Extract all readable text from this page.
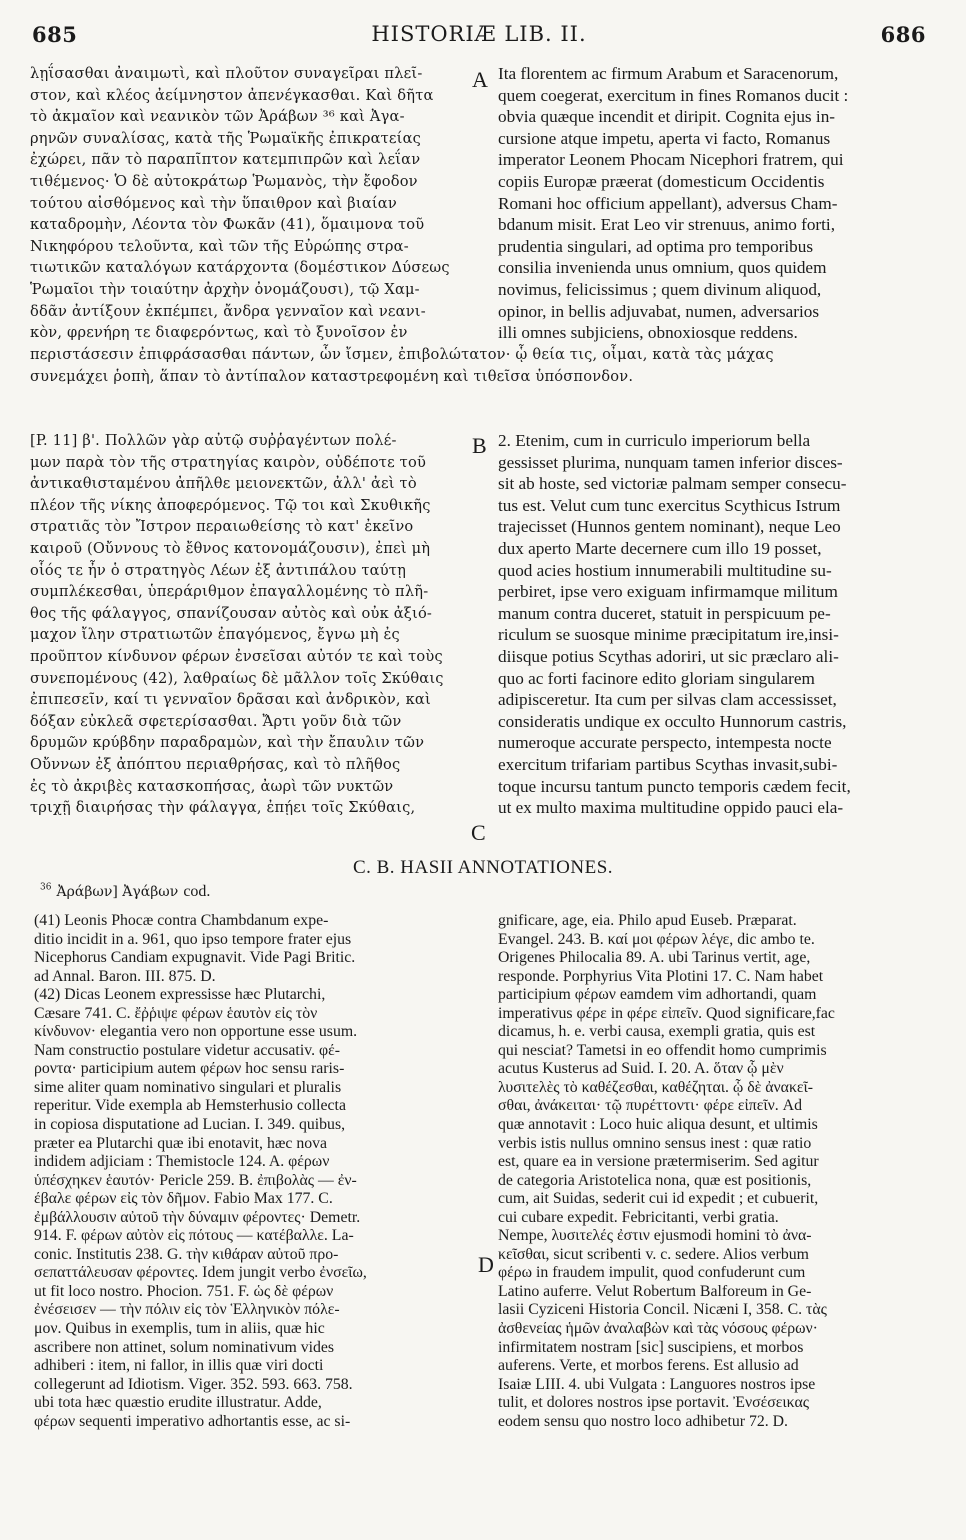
685	HISTORIÆ LIB. II.	686
A
B
C
D
λῃΐσασθαι ἀναιμωτὶ, καὶ πλοῦτον συναγεῖραι πλεῖ-
στον, καὶ κλέος ἀείμνηστον ἀπενέγκασθαι. Καὶ δῆτα
τὸ ἀκμαῖον καὶ νεανικὸν τῶν Ἀράβων ³⁶ καὶ Ἀγα-
ρηνῶν συναλίσας, κατὰ τῆς Ῥωμαϊκῆς ἐπικρατείας
ἐχώρει, πᾶν τὸ παραπῖπτον κατεμπιπρῶν καὶ λεΐαν
τιθέμενος· Ὁ δὲ αὐτοκράτωρ Ῥωμανὸς, τὴν ἔφοδον
τούτου αἰσθόμενος καὶ τὴν ὕπαιθρον καὶ βιαίαν
καταδρομὴν, Λέοντα τὸν Φωκᾶν (41), ὅμαιμονα τοῦ
Νικηφόρου τελοῦντα, καὶ τῶν τῆς Εὐρώπης στρα-
τιωτικῶν καταλόγων κατάρχοντα (δομέστικον Δύσεως
Ῥωμαῖοι τὴν τοιαύτην ἀρχὴν ὀνομάζουσι), τῷ Χαμ-
δδᾶν ἀντίξουν ἐκπέμπει, ἄνδρα γενναῖον καὶ νεανι-
κὸν, φρενήρη τε διαφερόντως, καὶ τὸ ξυνοῖσον ἐν
Ita florentem ac firmum Arabum et Saracenorum,
quem coegerat, exercitum in fines Romanos ducit :
obvia quæque incendit et diripit. Cognita ejus in-
cursione atque impetu, aperta vi facto, Romanus
imperator Leonem Phocam Nicephori fratrem, qui
copiis Europæ præerat (domesticum Occidentis
Romani hoc officium appellant), adversus Cham-
bdanum misit. Erat Leo vir strenuus, animo forti,
prudentia singulari, ad optima pro temporibus
consilia invenienda unus omnium, quos quidem
novimus, felicissimus ; quem divinum aliquod,
opinor, in bellis adjuvabat, numen, adversarios
illi omnes subjiciens, obnoxiosque reddens.
περιστάσεσιν ἐπιφράσασθαι πάντων, ὧν ἴσμεν, ἐπιβολώτατον· ᾧ θεία τις, οἶμαι, κατὰ τὰς μάχας
συνεμάχει ῥοπὴ, ἅπαν τὸ ἀντίπαλον καταστρεφομένη καὶ τιθεῖσα ὑπόσπονδον.
[P. 11] β'. Πολλῶν γὰρ αὐτῷ συῤῥαγέντων πολέ-
μων παρὰ τὸν τῆς στρατηγίας καιρὸν, οὐδέποτε τοῦ
ἀντικαθισταμένου ἀπῆλθε μειονεκτῶν, ἀλλ' ἀεὶ τὸ
πλέον τῆς νίκης ἀποφερόμενος. Τῷ τοι καὶ Σκυθικῆς
στρατιᾶς τὸν Ἴστρον περαιωθείσης τὸ κατ' ἐκεῖνο
καιροῦ (Οὔννους τὸ ἔθνος κατονομάζουσιν), ἐπεὶ μὴ
οἷός τε ἦν ὁ στρατηγὸς Λέων ἐξ ἀντιπάλου ταύτῃ
συμπλέκεσθαι, ὑπεράριθμον ἐπαγαλλομένης τὸ πλῆ-
θος τῆς φάλαγγος, σπανίζουσαν αὐτὸς καὶ οὐκ ἀξιό-
μαχον ἴλην στρατιωτῶν ἐπαγόμενος, ἔγνω μὴ ἐς
προῦπτον κίνδυνον φέρων ἐνσεῖσαι αὐτόν τε καὶ τοὺς
συνεπομένους (42), λαθραίως δὲ μᾶλλον τοῖς Σκύθαις
ἐπιπεσεῖν, καί τι γενναῖον δρᾶσαι καὶ ἀνδρικὸν, καὶ
δόξαν εὐκλεᾶ σφετερίσασθαι. Ἄρτι γοῦν διὰ τῶν
δρυμῶν κρύβδην παραδραμὼν, καὶ τὴν ἔπαυλιν τῶν
Οὔννων ἐξ ἀπόπτου περιαθρήσας, καὶ τὸ πλῆθος
ἐς τὸ ἀκριβὲς κατασκοπήσας, ἀωρὶ τῶν νυκτῶν
τριχῇ διαιρήσας τὴν φάλαγγα, ἐπῄει τοῖς Σκύθαις,
2. Etenim, cum in curriculo imperiorum bella
gessisset plurima, nunquam tamen inferior disces-
sit ab hoste, sed victoriæ palmam semper consecu-
tus est. Velut cum tunc exercitus Scythicus Istrum
trajecisset (Hunnos gentem nominant), neque Leo
dux aperto Marte decernere cum illo 19 posset,
quod acies hostium innumerabili multitudine su-
perbiret, ipse vero exiguam infirmamque militum
manum contra duceret, statuit in perspicuum pe-
riculum se suosque minime præcipitatum ire,insi-
diisque potius Scythas adoriri, ut sic præclaro ali-
quo ac forti facinore edito gloriam singularem
adipisceretur. Ita cum per silvas clam accessisset,
consideratis undique ex occulto Hunnorum castris,
numeroque accurate perspecto, intempesta nocte
exercitum trifariam partibus Scythas invasit,subi-
toque incursu tantum puncto temporis cædem fecit,
ut ex multo maxima multitudine oppido pauci ela-
C. B. HASII ANNOTATIONES.
$^{36}$ Ἀράβων] Ἀγάβων cod.
(41) Leonis Phocæ contra Chambdanum expe-
ditio incidit in a. 961, quo ipso tempore frater ejus
Nicephorus Candiam expugnavit. Vide Pagi Britic.
ad Annal. Baron. III. 875. D.
(42) Dicas Leonem expressisse hæc Plutarchi,
Cæsare 741. C. ἔῤῥιψε φέρων ἑαυτὸν εἰς τὸν
κίνδυνον· elegantia vero non opportune esse usum.
Nam constructio postulare videtur accusativ. φέ-
ροντα· participium autem φέρων hoc sensu raris-
sime aliter quam nominativo singulari et pluralis
reperitur. Vide exempla ab Hemsterhusio collecta
in copiosa disputatione ad Lucian. I. 349. quibus,
præter ea Plutarchi quæ ibi enotavit, hæc nova
indidem adjiciam : Themistocle 124. A. φέρων
ὑπέσχηκεν ἑαυτόν· Pericle 259. B. ἐπιβολὰς — ἐν-
έβαλε φέρων εἰς τὸν δῆμον. Fabio Max 177. C.
ἐμβάλλουσιν αὐτοῦ τὴν δύναμιν φέροντες· Demetr.
914. F. φέρων αὐτὸν εἰς πότους — κατέβαλλε. La-
conic. Institutis 238. G. τὴν κιθάραν αὐτοῦ προ-
σεπαττάλευσαν φέροντες. Idem jungit verbo ἐνσεῖω,
ut fit loco nostro. Phocion. 751. F. ὡς δὲ φέρων
ἐνέσεισεν — τὴν πόλιν εἰς τὸν Ἑλληνικὸν πόλε-
μον. Quibus in exemplis, tum in aliis, quæ hic
ascribere non attinet, solum nominativum vides
adhiberi : item, ni fallor, in illis quæ viri docti
collegerunt ad Idiotism. Viger. 352. 593. 663. 758.
ubi tota hæc quæstio erudite illustratur. Adde,
φέρων sequenti imperativo adhortantis esse, ac si-
gnificare, age, eia. Philo apud Euseb. Præparat.
Evangel. 243. B. καί μοι φέρων λέγε, dic ambo te.
Origenes Philocalia 89. A. ubi Tarinus vertit, age,
responde. Porphyrius Vita Plotini 17. C. Nam habet
participium φέρων eamdem vim adhortandi, quam
imperativus φέρε in φέρε εἰπεῖν. Quod significare,fac
dicamus, h. e. verbi causa, exempli gratia, quis est
qui nesciat? Tametsi in eo offendit homo cumprimis
acutus Kusterus ad Suid. I. 20. A. ὅταν ᾧ μὲν
λυσιτελὲς τὸ καθέζεσθαι, καθέζηται. ᾧ δὲ ἀνακεῖ-
σθαι, ἀνάκειται· τῷ πυρέττοντι· φέρε εἰπεῖν. Ad
quæ annotavit : Loco huic aliqua desunt, et ultimis
verbis istis nullus omnino sensus inest : quæ ratio
est, quare ea in versione prætermiserim. Sed agitur
de categoria Aristotelica nona, quæ est positionis,
cum, ait Suidas, sederit cui id expedit ; et cubuerit,
cui cubare expedit. Febricitanti, verbi gratia.
Nempe, λυσιτελές ἐστιν ejusmodi homini τὸ ἀνα-
κεῖσθαι, sicut scribenti v. c. sedere. Alios verbum
φέρω in fraudem impulit, quod confuderunt cum
Latino auferre. Velut Robertum Balforeum in Ge-
lasii Cyziceni Historia Concil. Nicæni I, 358. C. τὰς
ἀσθενείας ἡμῶν ἀναλαβὼν καὶ τὰς νόσους φέρων·
infirmitatem nostram [sic] suscipiens, et morbos
auferens. Verte, et morbos ferens. Est allusio ad
Isaiæ LIII. 4. ubi Vulgata : Languores nostros ipse
tulit, et dolores nostros ipse portavit. Ἐνσέσεικας
eodem sensu quo nostro loco adhibetur 72. D.
